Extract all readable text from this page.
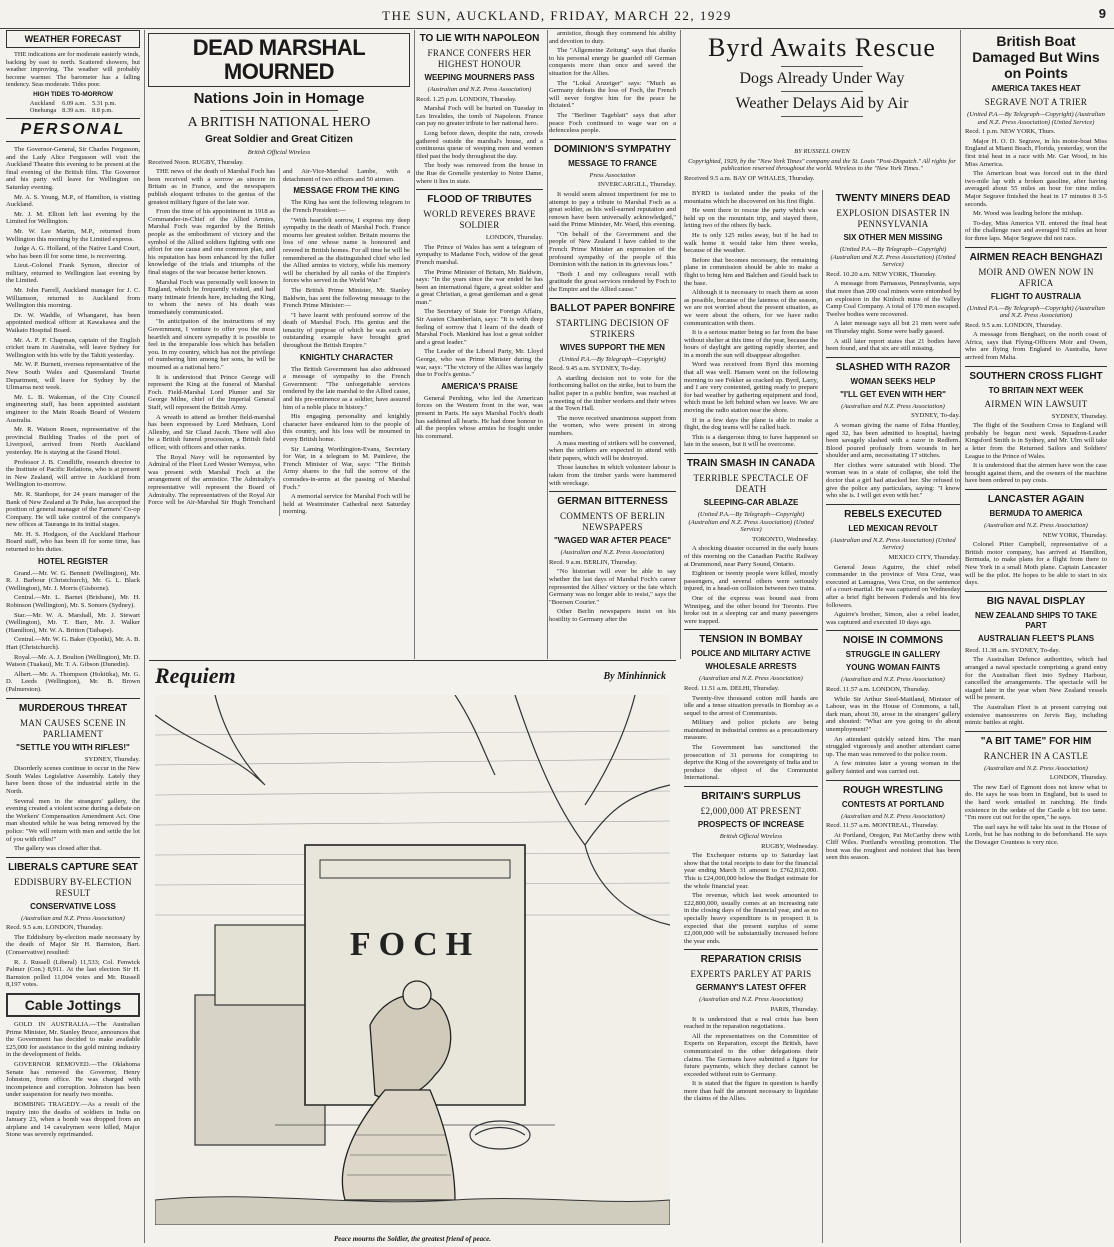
THE SUN, AUCKLAND, FRIDAY, MARCH 22, 1929	9
WEATHER FORECAST

THE indications are for moderate easterly winds, backing by east to north. Scattered showers, but weather improving. The weather will probably become warmer. The barometer has a falling tendency. Seas moderate. Tides poor.

HIGH TIDES TO-MORROW
Auckland	6.09 a.m.	5.31 p.m.
Onehunga	8.39 a.m.	8.8 p.m.
PERSONAL

The Governor-General, Sir Charles Fergusson, and the Lady Alice Fergusson will visit the Auckland Theatre this evening to be present at the final evening of the British film. The Governor and his party will leave for Wellington on Saturday evening.

Mr. A. S. Young, M.P., of Hamilton, is visiting Auckland.

Mr. J. M. Elliott left last evening by the Limited for Wellington.

Mr. W. Lee Martin, M.P., returned from Wellington this morning by the Limited express.

Judge A. G. Holland, of the Native Land Court, who has been ill for some time, is recovering.

Lieut.-Colonel Frank Symon, director of military, returned to Wellington last evening by the Limited.

Mr. John Farrell, Auckland manager for J. C. Williamson, returned to Auckland from Wellington this morning.

Dr. W. Waddle, of Whangarei, has been appointed medical officer at Kawakawa and the Waikato Hospital Board.

Mr. A. P. F. Chapman, captain of the English cricket team in Australia, will leave Sydney for Wellington with his wife by the Tahiti yesterday.

Mr. W. P. Burnett, oversea representative of the New South Wales and Queensland Tourist Department, will leave for Sydney by the Ulimaroa next week.

Mr. L. B. Wakeman, of the City Council engineering staff, has been appointed assistant engineer to the Main Roads Board of Western Australia.

Mr. R. Watson Rosen, representative of the provincial Building Trades of the port of Liverpool, arrived from North Auckland yesterday. He is staying at the Grand Hotel.

Professor J. B. Condliffe, research director to the Institute of Pacific Relations, who is at present in New Zealand, will arrive in Auckland from Wellington to-morrow.

Mr. R. Stanhope, for 24 years manager of the Bank of New Zealand at Te Puke, has accepted the position of general manager of the Farmers' Co-op Company. He will take control of the company's new offices at Tauranga in its initial stages.

Mr. H. S. Hodgson, of the Auckland Harbour Board staff, who has been ill for some time, has returned to his duties.

HOTEL REGISTER

Grand.—Mr. W. G. Bennett (Wellington), Mr. R. J. Barbour (Christchurch), Mr. G. L. Black (Wellington), Mr. J. Morris (Gisborne).

Central.—Mr. L. Barnet (Brisbane), Mr. H. Robinson (Wellington), Mr. S. Somers (Sydney).

Star.—Mr. W. A. Marshall, Mr. J. Stewart (Wellington), Mr. T. Barr, Mr. J. Walker (Hamilton), Mr. W. A. Britton (Taihape).

Central.—Mr. W. G. Baker (Opotiki), Mr. A. B. Hart (Christchurch).

Royal.—Mr. A. J. Boulton (Wellington), Mr. D. Watson (Tuakau), Mr. T. A. Gibson (Dunedin).

Albert.—Mr. A. Thompson (Hokitika), Mr. G. D. Leeds (Wellington), Mr. B. Brown (Palmerston).

MURDEROUS THREAT
MAN CAUSES SCENE IN PARLIAMENT
"SETTLE YOU WITH RIFLES!"

SYDNEY, Thursday.

Disorderly scenes continue to occur in the New South Wales Legislative Assembly. Lately they have been those of the industrial strife in the North.

Several men in the strangers' gallery, the evening created a violent scene during a debate on the Workers' Compensation Amendment Act. One man shouted while he was being removed by the police: "We will return with men and settle the lot of you with rifles!"

The gallery was closed after that.

LIBERALS CAPTURE SEAT
EDDISBURY BY-ELECTION RESULT
CONSERVATIVE LOSS

(Australian and N.Z. Press Association)

Recd. 9.5 a.m. LONDON, Thursday.

The Eddisbury by-election made necessary by the death of Major Sir H. Barnston, Bart. (Conservative) resulted:

R. J. Russell (Liberal) 11,533; Col. Fenwick Palmer (Con.) 8,911. At the last election Sir H. Barnston polled 11,004 votes and Mr. Russell 8,197 votes.

Cable Jottings

GOLD IN AUSTRALIA.—The Australian Prime Minister, Mr. Stanley Bruce, announces that the Government has decided to make available £25,000 for assistance to the gold mining industry in the development of fields.

GOVERNOR REMOVED.—The Oklahoma Senate has removed the Governor, Henry Johnston, from office. He was charged with incompetence and corruption. Johnston has been under suspension for nearly two months.

BOMBING TRAGEDY.—As a result of the inquiry into the deaths of soldiers in India on January 23, when a bomb was dropped from an airplane and 14 cavalrymen were killed, Major Stone was severely reprimanded.

DEAD MARSHAL MOURNED
Nations Join in Homage
A BRITISH NATIONAL HERO
Great Soldier and Great Citizen

British Official Wireless

Received Noon. RUGBY, Thursday.

THE news of the death of Marshal Foch has been received with a sorrow as sincere in Britain as in France, and the newspapers publish eloquent tributes to the genius of the greatest military figure of the late war.

From the time of his appointment in 1918 as Commander-in-Chief of the Allied Armies, Marshal Foch was regarded by the British people as the embodiment of victory and the symbol of the Allied soldiers fighting with one effort for one cause and one common plan, and his reputation has been enhanced by the fuller knowledge of the trials and triumphs of the final stages of the war because better known.

Marshal Foch was personally well known in England, which he frequently visited, and had many intimate friends here, including the King, to whom the news of his death was immediately communicated.

"In anticipation of the instructions of my Government, I venture to offer you the most heartfelt and sincere sympathy it is possible to feel in the irreparable loss which has befallen you. In my country, which has not the privilege of numbering him among her sons, he will be mourned as a national hero."

It is understood that Prince George will represent the King at the funeral of Marshal Foch. Field-Marshal Lord Plumer and Sir George Milne, chief of the Imperial General Staff, will represent the British Army.

A wreath to attend as brother field-marshal has been expressed by Lord Methuen, Lord Allenby, and Sir Claud Jacob. There will also be a British funeral procession, a British field officer, with officers and other ranks.

The Royal Navy will be represented by Admiral of the Fleet Lord Wester Wemyss, who was present with Marshal Foch at the arrangement of the armistice. The Admiralty's representative will represent the Board of Admiralty. The representatives of the Royal Air Force will be Air-Marshal Sir Hugh Trenchard and Air-Vice-Marshal Lambe, with a detachment of two officers and 50 airmen.

MESSAGE FROM THE KING

The King has sent the following telegram to the French President:—

"With heartfelt sorrow, I express my deep sympathy in the death of Marshal Foch. France mourns her greatest soldier. Britain mourns the loss of one whose name is honoured and revered in British homes. For all time he will be remembered as the distinguished chief who led the Allied armies to victory, while his memory will be cherished by all ranks of the Empire's forces who served in the World War."

The British Prime Minister, Mr. Stanley Baldwin, has sent the following message to the French Prime Minister:—

"I have learnt with profound sorrow of the death of Marshal Foch. His genius and the tenacity of purpose of which he was such an outstanding example have brought grief throughout the British Empire."

KNIGHTLY CHARACTER

The British Government has also addressed a message of sympathy to the French Government: "The unforgettable services rendered by the late marshal to the Allied cause, and his pre-eminence as a soldier, have assured him of a noble place in history."

His engaging personality and knightly character have endeared him to the people of this country, and his loss will be mourned in every British home.

Sir Laming Worthington-Evans, Secretary for War, in a telegram to M. Painleve, the French Minister of War, says: "The British Army shares to the full the sorrow of the comrades-in-arms at the passing of Marshal Foch."

A memorial service for Marshal Foch will be held at Westminster Cathedral next Saturday morning.

TO LIE WITH NAPOLEON
FRANCE CONFERS HER HIGHEST HONOUR
WEEPING MOURNERS PASS

(Australian and N.Z. Press Association)

Recd. 1.25 p.m. LONDON, Thursday.

Marshal Foch will be buried on Tuesday in Les Invalides, the tomb of Napoleon. France can pay no greater tribute to her national hero.

Long before dawn, despite the rain, crowds gathered outside the marshal's house, and a continuous queue of weeping men and women filed past the body throughout the day.

The body was removed from the house in the Rue de Grenelle yesterday to Notre Dame, where it lies in state.

FLOOD OF TRIBUTES
WORLD REVERES BRAVE SOLDIER

LONDON, Thursday.

The Prince of Wales has sent a telegram of sympathy to Madame Foch, widow of the great French marshal.

The Prime Minister of Britain, Mr. Baldwin, says: "In the years since the war ended he has been an international figure, a great soldier and a great Christian, a great gentleman and a great man."

The Secretary of State for Foreign Affairs, Sir Austen Chamberlain, says: "It is with deep feeling of sorrow that I learn of the death of Marshal Foch. Mankind has lost a great soldier and a great leader."

The Leader of the Liberal Party, Mr. Lloyd George, who was Prime Minister during the war, says: "The victory of the Allies was largely due to Foch's genius."

AMERICA'S PRAISE

General Pershing, who led the American forces on the Western front in the war, was present in Paris. He says Marshal Foch's death has saddened all hearts. He had done honour to all the peoples whose armies he fought under his command.

armistice, though they commend his ability and devotion to duty.

The "Allgemeine Zeitung" says that thanks to his personal energy he guarded off German conquests more than once and saved the situation for the Allies.

The "Lokal Anzeiger" says: "Much as Germany defeats the loss of Foch, the French will never forgive him for the peace he dictated."

The "Berliner Tageblatt" says that after peace Foch continued to wage war on a defenceless people.

DOMINION'S SYMPATHY
MESSAGE TO FRANCE

Press Association

INVERCARGILL, Thursday.

It would seem almost impertinent for me to attempt to pay a tribute to Marshal Foch as a great soldier, as his well-earned reputation and renown have been universally acknowledged," said the Prime Minister, Mr. Ward, this evening.

"On behalf of the Government and the people of New Zealand I have cabled to the French Prime Minister an expression of the profound sympathy of the people of this Dominion with the nation in its grievous loss."

"Both I and my colleagues recall with gratitude the great services rendered by Foch to the Empire and the Allied cause."

BALLOT PAPER BONFIRE
STARTLING DECISION OF STRIKERS
WIVES SUPPORT THE MEN

(United P.A.—By Telegraph—Copyright)

Recd. 9.45 a.m. SYDNEY, To-day.

A startling decision not to vote for the forthcoming ballot on the strike, but to burn the ballot paper in a public bonfire, was reached at a meeting of the timber workers and their wives at the Town Hall.

The move received unanimous support from the women, who were present in strong numbers.

A mass meeting of strikers will be convened, when the strikers are expected to attend with their papers, which will be destroyed.

Those launches in which volunteer labour is taken from the timber yards were hammered with wreckage.

GERMAN BITTERNESS
COMMENTS OF BERLIN NEWSPAPERS
"WAGED WAR AFTER PEACE"

(Australian and N.Z. Press Association)

Recd. 9 a.m. BERLIN, Thursday.

"No historian will ever be able to say whether the last days of Marshal Foch's career represented the Allies' victory or the fate which Germany was no longer able to resist," says the "Boersen Courier."

Other Berlin newspapers insist on his hostility to Germany after the

Requiem	By Minhinnick
FOCH
Peace mourns the Soldier, the greatest friend of peace.
Byrd Awaits Rescue
Dogs Already Under Way
Weather Delays Aid by Air

BY RUSSELL OWEN

Copyrighted, 1929, by the "New York Times" company and the St. Louis "Post-Dispatch." All rights for publication reserved throughout the world. Wireless to the "New York Times."

Received 9.5 a.m. BAY OF WHALES, Thursday.

BYRD is isolated under the peaks of the mountains which he discovered on his first flight.

He went there to rescue the party which was held up on the mountain trip, and stayed there, letting two of the others fly back.

He is only 125 miles away, but if he had to walk home it would take him three weeks, because of the weather.

Before that becomes necessary, the remaining plane in commission should be able to make a flight to bring him and Balchen and Gould back to the base.

Although it is necessary to reach them as soon as possible, because of the lateness of the season, we are not worried about the present situation, as we were about the others, for we have radio communication with them.

It is a serious matter being so far from the base without shelter at this time of the year, because the hours of daylight are getting rapidly shorter, and in a month the sun will disappear altogether.

Word was received from Byrd this morning that all was well. Hansen went on the following morning to see Fokker as cracked up. Byrd, Larry, and I are very contented, getting ready to prepare for bad weather by gathering equipment and food, which must be left behind when we leave. We are moving the radio station near the shore.

If in a few days the plane is able to make a flight, the dog teams will be called back.

This is a dangerous thing to have happened so late in the season, but it will be overcome.

TRAIN SMASH IN CANADA
TERRIBLE SPECTACLE OF DEATH
SLEEPING-CAR ABLAZE

(United P.A.—By Telegraph—Copyright) (Australian and N.Z. Press Association) (United Service)

TORONTO, Wednesday.

A shocking disaster occurred in the early hours of this morning on the Canadian Pacific Railway at Drummond, near Parry Sound, Ontario.

Eighteen or twenty people were killed, mostly passengers, and several others were seriously injured, in a head-on collision between two trains.

One of the express was bound east from Winnipeg, and the other bound for Toronto. Fire broke out in a sleeping car and many passengers were trapped.

TENSION IN BOMBAY
POLICE AND MILITARY ACTIVE
WHOLESALE ARRESTS

(Australian and N.Z. Press Association)

Recd. 11.51 a.m. DELHI, Thursday.

Twenty-five thousand cotton mill hands are idle and a tense situation prevails in Bombay as a sequel to the arrest of Communists.

Military and police pickets are being maintained in industrial centres as a precautionary measure.

The Government has sanctioned the prosecution of 31 persons for conspiring to deprive the King of the sovereignty of India and to produce the object of the Communist International.

BRITAIN'S SURPLUS
£2,000,000 AT PRESENT
PROSPECTS OF INCREASE

British Official Wireless

RUGBY, Wednesday.

The Exchequer returns up to Saturday last show that the total receipts to date for the financial year ending March 31 amount to £762,812,000. This is £24,000,000 below the Budget estimate for the whole financial year.

The revenue, which last week amounted to £22,800,000, usually comes at an increasing rate in the closing days of the financial year, and as no specially heavy expenditure is in prospect it is expected that the present surplus of some £2,000,000 will be substantially increased before the year ends.

REPARATION CRISIS
EXPERTS PARLEY AT PARIS
GERMANY'S LATEST OFFER

(Australian and N.Z. Press Association)

PARIS, Thursday.

It is understood that a real crisis has been reached in the reparation negotiations.

All the representatives on the Committee of Experts on Reparation, except the British, have communicated to the other delegations their claims. The Germans have submitted a figure for future payments, which they declare cannot be exceeded without ruin to Germany.

It is stated that the figure in question is hardly more than half the amount necessary to liquidate the claims of the Allies.

TWENTY MINERS DEAD
EXPLOSION DISASTER IN PENNSYLVANIA
SIX OTHER MEN MISSING

(United P.A.—By Telegraph—Copyright) (Australian and N.Z. Press Association) (United Service)

Recd. 10.20 a.m. NEW YORK, Thursday.

A message from Parnassus, Pennsylvania, says that more than 200 coal miners were entombed by an explosion in the Kinloch mine of the Valley Camp Coal Company. A total of 170 men escaped. Twelve bodies were recovered.

A later message says all but 21 men were safe on Thursday night. Some were badly gassed.

A still later report states that 21 bodies have been found, and that six are still missing.

SLASHED WITH RAZOR
WOMAN SEEKS HELP
"I'LL GET EVEN WITH HER"

(Australian and N.Z. Press Association)

SYDNEY, To-day.

A woman giving the name of Edna Huntley, aged 32, has been admitted to hospital, having been savagely slashed with a razor in Redfern. Blood poured profusely from wounds in her shoulder and arm, necessitating 17 stitches.

Her clothes were saturated with blood. The woman was in a state of collapse, she told the doctor that a girl had attacked her. She refused to give the police any particulars, saying: "I know who she is. I will get even with her."

REBELS EXECUTED
LED MEXICAN REVOLT

(Australian and N.Z. Press Association) (United Service)

MEXICO CITY, Thursday.

General Jesus Aguirre, the chief rebel commander in the province of Vera Cruz, was executed at Lamagras, Vera Cruz, on the sentence of a court-martial. He was captured on Wednesday after a brief fight between Federals and his few followers.

Aguirre's brother, Simon, also a rebel leader, was captured and executed 10 days ago.

NOISE IN COMMONS
STRUGGLE IN GALLERY
YOUNG WOMAN FAINTS

(Australian and N.Z. Press Association)

Recd. 11.57 a.m. LONDON, Thursday.

While Sir Arthur Steel-Maitland, Minister of Labour, was in the House of Commons, a tall, dark man, about 30, arose in the strangers' gallery and shouted: "What are you going to do about unemployment?"

An attendant quickly seized him. The man struggled vigorously and another attendant came up. The man was removed to the police room.

A few minutes later a young woman in the gallery fainted and was carried out.

ROUGH WRESTLING
CONTESTS AT PORTLAND

(Australian and N.Z. Press Association)

Recd. 11.57 a.m. MONTREAL, Thursday.

At Portland, Oregon, Pat McCarthy drew with Cliff Wiles. Portland's wrestling promotion. The bout was the roughest and noisiest that has been seen this season.

British Boat Damaged But Wins on Points
AMERICA TAKES HEAT
SEGRAVE NOT A TRIER

(United P.A.—By Telegraph—Copyright) (Australian and N.Z. Press Association) (United Service)

Recd. 1 p.m. NEW YORK, Thurs.

Major H. O. D. Segrave, in his motor-boat Miss England at Miami Beach, Florida, yesterday, won the first trial heat in a race with Mr. Gar Wood, in his Miss America.

The American boat was forced out in the third two-mile lap with a broken gasoline, after having averaged about 55 miles an hour for nine miles. Major Segrave finished the heat in 17 minutes 8 3-5 seconds.

Mr. Wood was leading before the mishap.

To-day, Miss America VII. entered the final heat of the challenge race and averaged 92 miles an hour for three laps. Major Segrave did not race.

AIRMEN REACH BENGHAZI
MOIR AND OWEN NOW IN AFRICA
FLIGHT TO AUSTRALIA

(United P.A.—By Telegraph—Copyright) (Australian and N.Z. Press Association)

Recd. 9.5 a.m. LONDON, Thursday.

A message from Benghazi, on the north coast of Africa, says that Flying-Officers Moir and Owen, who are flying from England to Australia, have arrived from Malta.

SOUTHERN CROSS FLIGHT
TO BRITAIN NEXT WEEK
AIRMEN WIN LAWSUIT

SYDNEY, Thursday.

The flight of the Southern Cross to England will probably be begun next week. Squadron-Leader Kingsford Smith is in Sydney, and Mr. Ulm will take a letter from the Returned Sailors and Soldiers' League to the Prince of Wales.

It is understood that the airmen have won the case brought against them, and the owners of the machine have been ordered to pay costs.

LANCASTER AGAIN
BERMUDA TO AMERICA

(Australian and N.Z. Press Association)

NEW YORK, Thursday.

Colonel Pitter Campbell, representative of a British motor company, has arrived at Hamilton, Bermuda, to make plans for a flight from there to New York in a small Moth plane. Captain Lancaster will be the pilot. He hopes to be able to start in six days.

BIG NAVAL DISPLAY
NEW ZEALAND SHIPS TO TAKE PART
AUSTRALIAN FLEET'S PLANS

Recd. 11.38 a.m. SYDNEY, To-day.

The Australian Defence authorities, which had arranged a naval spectacle comprising a grand entry for the Australian fleet into Sydney Harbour, cancelled the arrangements. The spectacle will be staged later in the year when New Zealand vessels will be present.

The Australian Fleet is at present carrying out extensive manoeuvres on Jervis Bay, including mimic battles at night.

"A BIT TAME" FOR HIM
RANCHER IN A CASTLE

(Australian and N.Z. Press Association)

LONDON, Thursday.

The new Earl of Egmont does not know what to do. He says he was born in England, but is used to the hard work entailed in ranching. He finds existence in the sedate of the Castle a bit too tame. "I'm more cut out for the open," he says.

The earl says he will take his seat in the House of Lords, but he has nothing to do beforehand. He says the Dowager Countess is very nice.
